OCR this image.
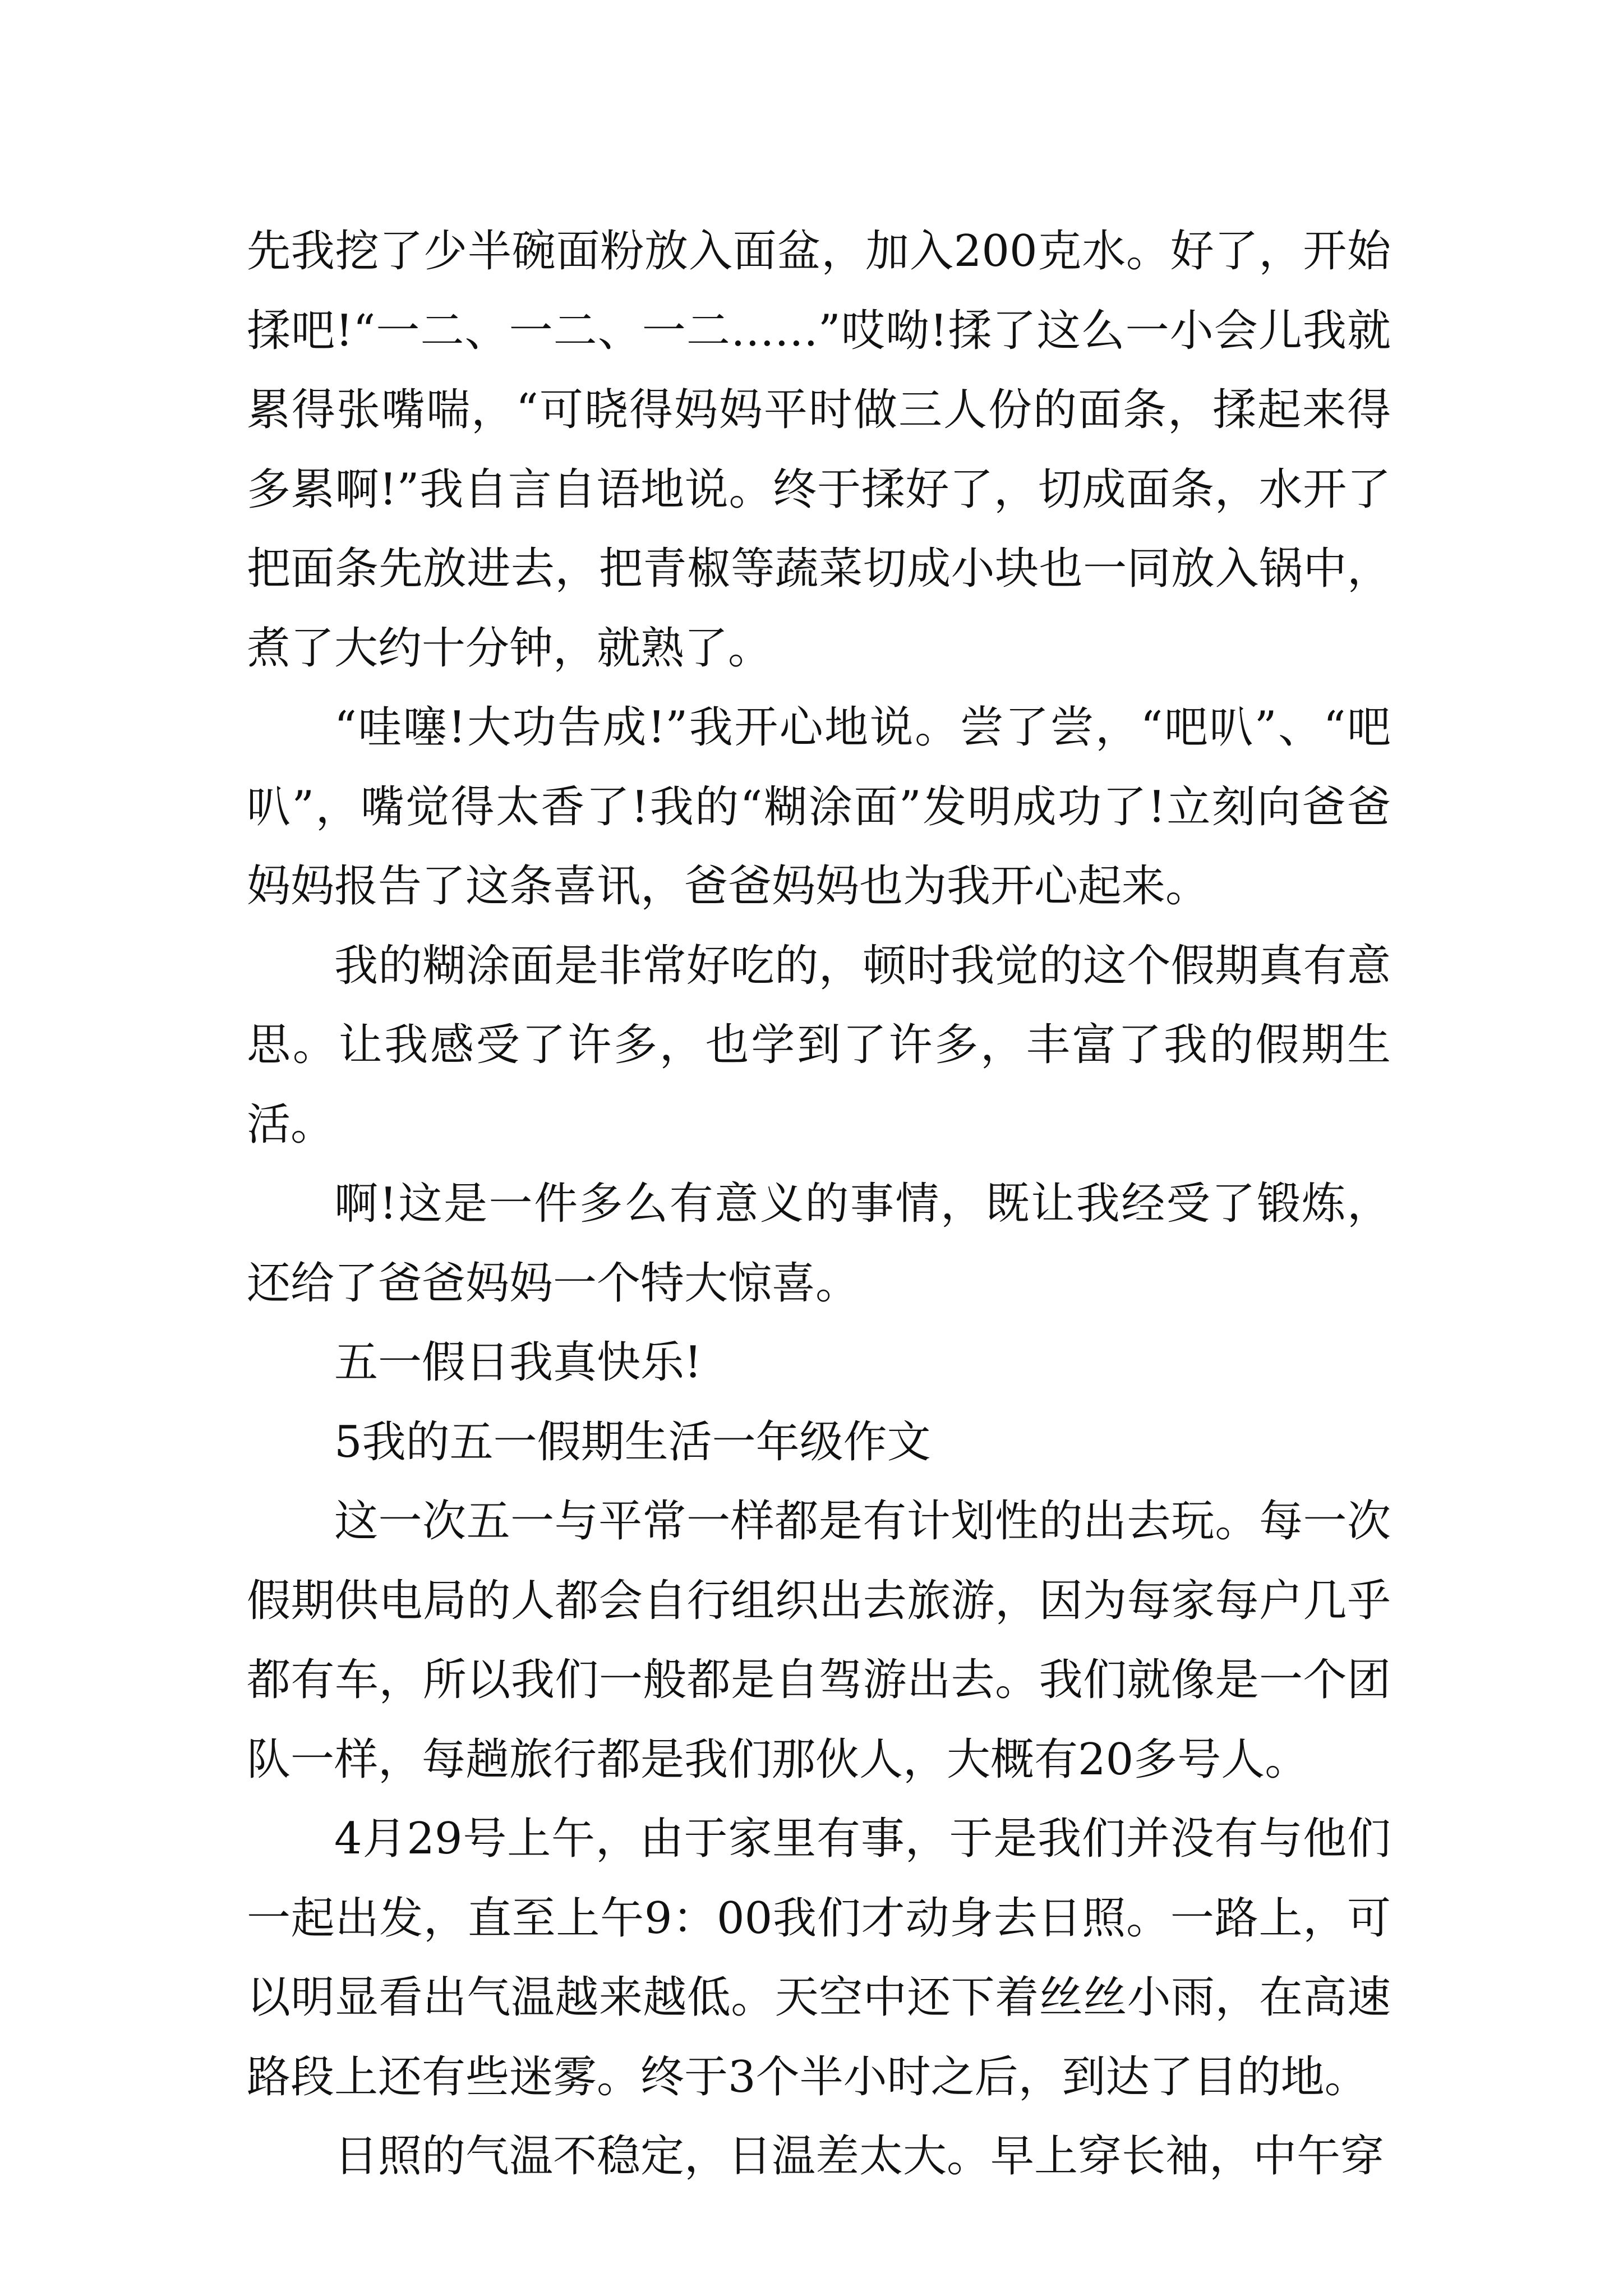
先我挖了少半碗面粉放入面盆，加入200克水。好了，开始揉吧!“一二、一二、一二……”哎呦!揉了这么一小会儿我就累得张嘴喘，“可晓得妈妈平时做三人份的面条，揉起来得多累啊!”我自言自语地说。终于揉好了，切成面条，水开了把面条先放进去，把青椒等蔬菜切成小块也一同放入锅中，煮了大约十分钟，就熟了。

“哇噻!大功告成!”我开心地说。尝了尝，“吧叭”、“吧叭”，嘴觉得太香了!我的“糊涂面”发明成功了!立刻向爸爸妈妈报告了这条喜讯，爸爸妈妈也为我开心起来。

我的糊涂面是非常好吃的，顿时我觉的这个假期真有意思。让我感受了许多，也学到了许多，丰富了我的假期生活。

啊!这是一件多么有意义的事情，既让我经受了锻炼，还给了爸爸妈妈一个特大惊喜。

五一假日我真快乐!

5我的五一假期生活一年级作文

这一次五一与平常一样都是有计划性的出去玩。每一次假期供电局的人都会自行组织出去旅游，因为每家每户几乎都有车，所以我们一般都是自驾游出去。我们就像是一个团队一样，每趟旅行都是我们那伙人，大概有20多号人。

4月29号上午，由于家里有事，于是我们并没有与他们一起出发，直至上午9：00我们才动身去日照。一路上，可以明显看出气温越来越低。天空中还下着丝丝小雨，在高速路段上还有些迷雾。终于3个半小时之后，到达了目的地。

日照的气温不稳定，日温差太大。早上穿长袖，中午穿
